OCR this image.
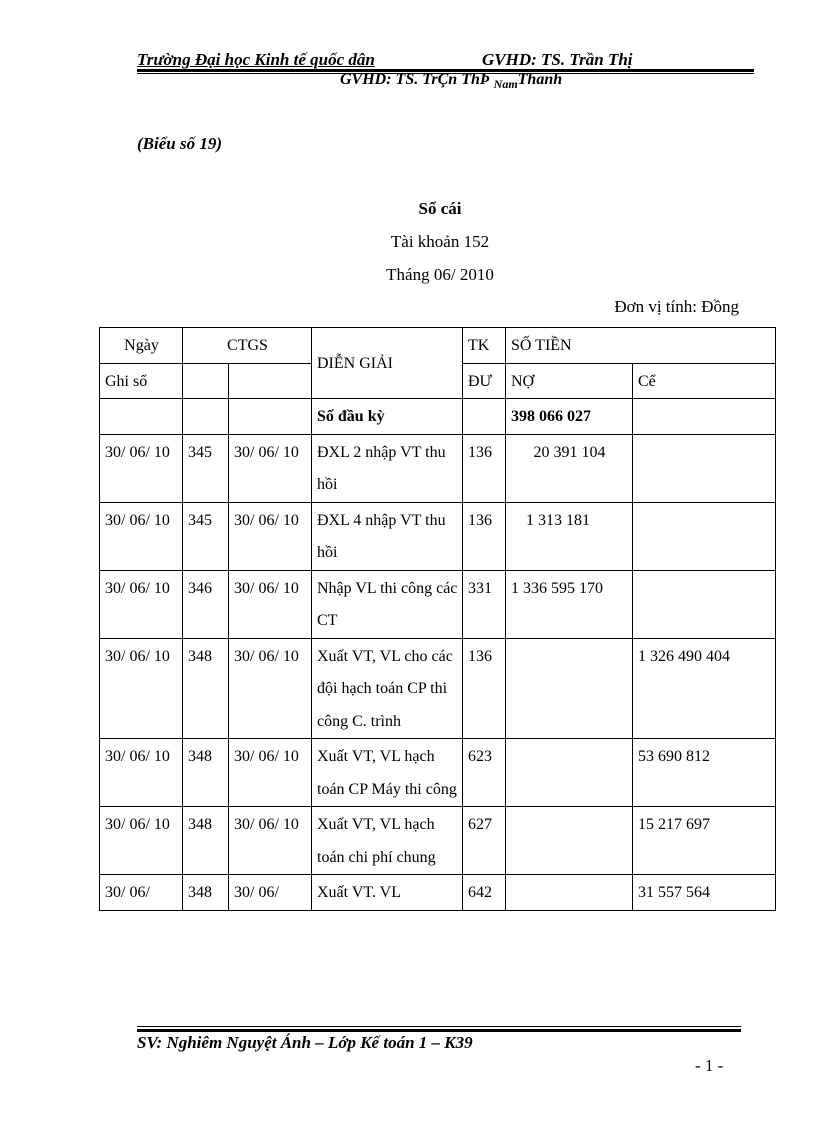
Trường Đại học Kinh tế quốc dân	GVHD: TS. Trần Thị
GVHD: TS. TrÇn ThÞ $_{Nam}$Thanh
(Biểu số 19)
Sổ cái
Tài khoản 152
Tháng 06/ 2010
Đơn vị tính: Đồng
Ngày	CTGS		DIỄN GIẢI	TK	SỐ TIỀN	
Ghi sổ				ĐƯ	NỢ	Cể
			Số đầu kỳ		398 066 027	
30/ 06/ 10	345	30/ 06/ 10	ĐXL 2 nhập VT thu hồi	136	20 391 104	
30/ 06/ 10	345	30/ 06/ 10	ĐXL 4 nhập VT thu hồi	136	1 313 181	
30/ 06/ 10	346	30/ 06/ 10	Nhập VL thi công các CT	331	1 336 595 170	
30/ 06/ 10	348	30/ 06/ 10	Xuất VT, VL cho các đội hạch toán CP thi công C. trình	136		1 326 490 404
30/ 06/ 10	348	30/ 06/ 10	Xuất VT, VL hạch toán CP Máy thi công	623		53 690 812
30/ 06/ 10	348	30/ 06/ 10	Xuất VT, VL hạch toán chi phí chung	627		15 217 697
30/ 06/	348	30/ 06/	Xuất VT. VL	642		31 557 564
SV: Nghiêm Nguyệt Ánh – Lớp Kế toán 1 – K39
- 1 -
